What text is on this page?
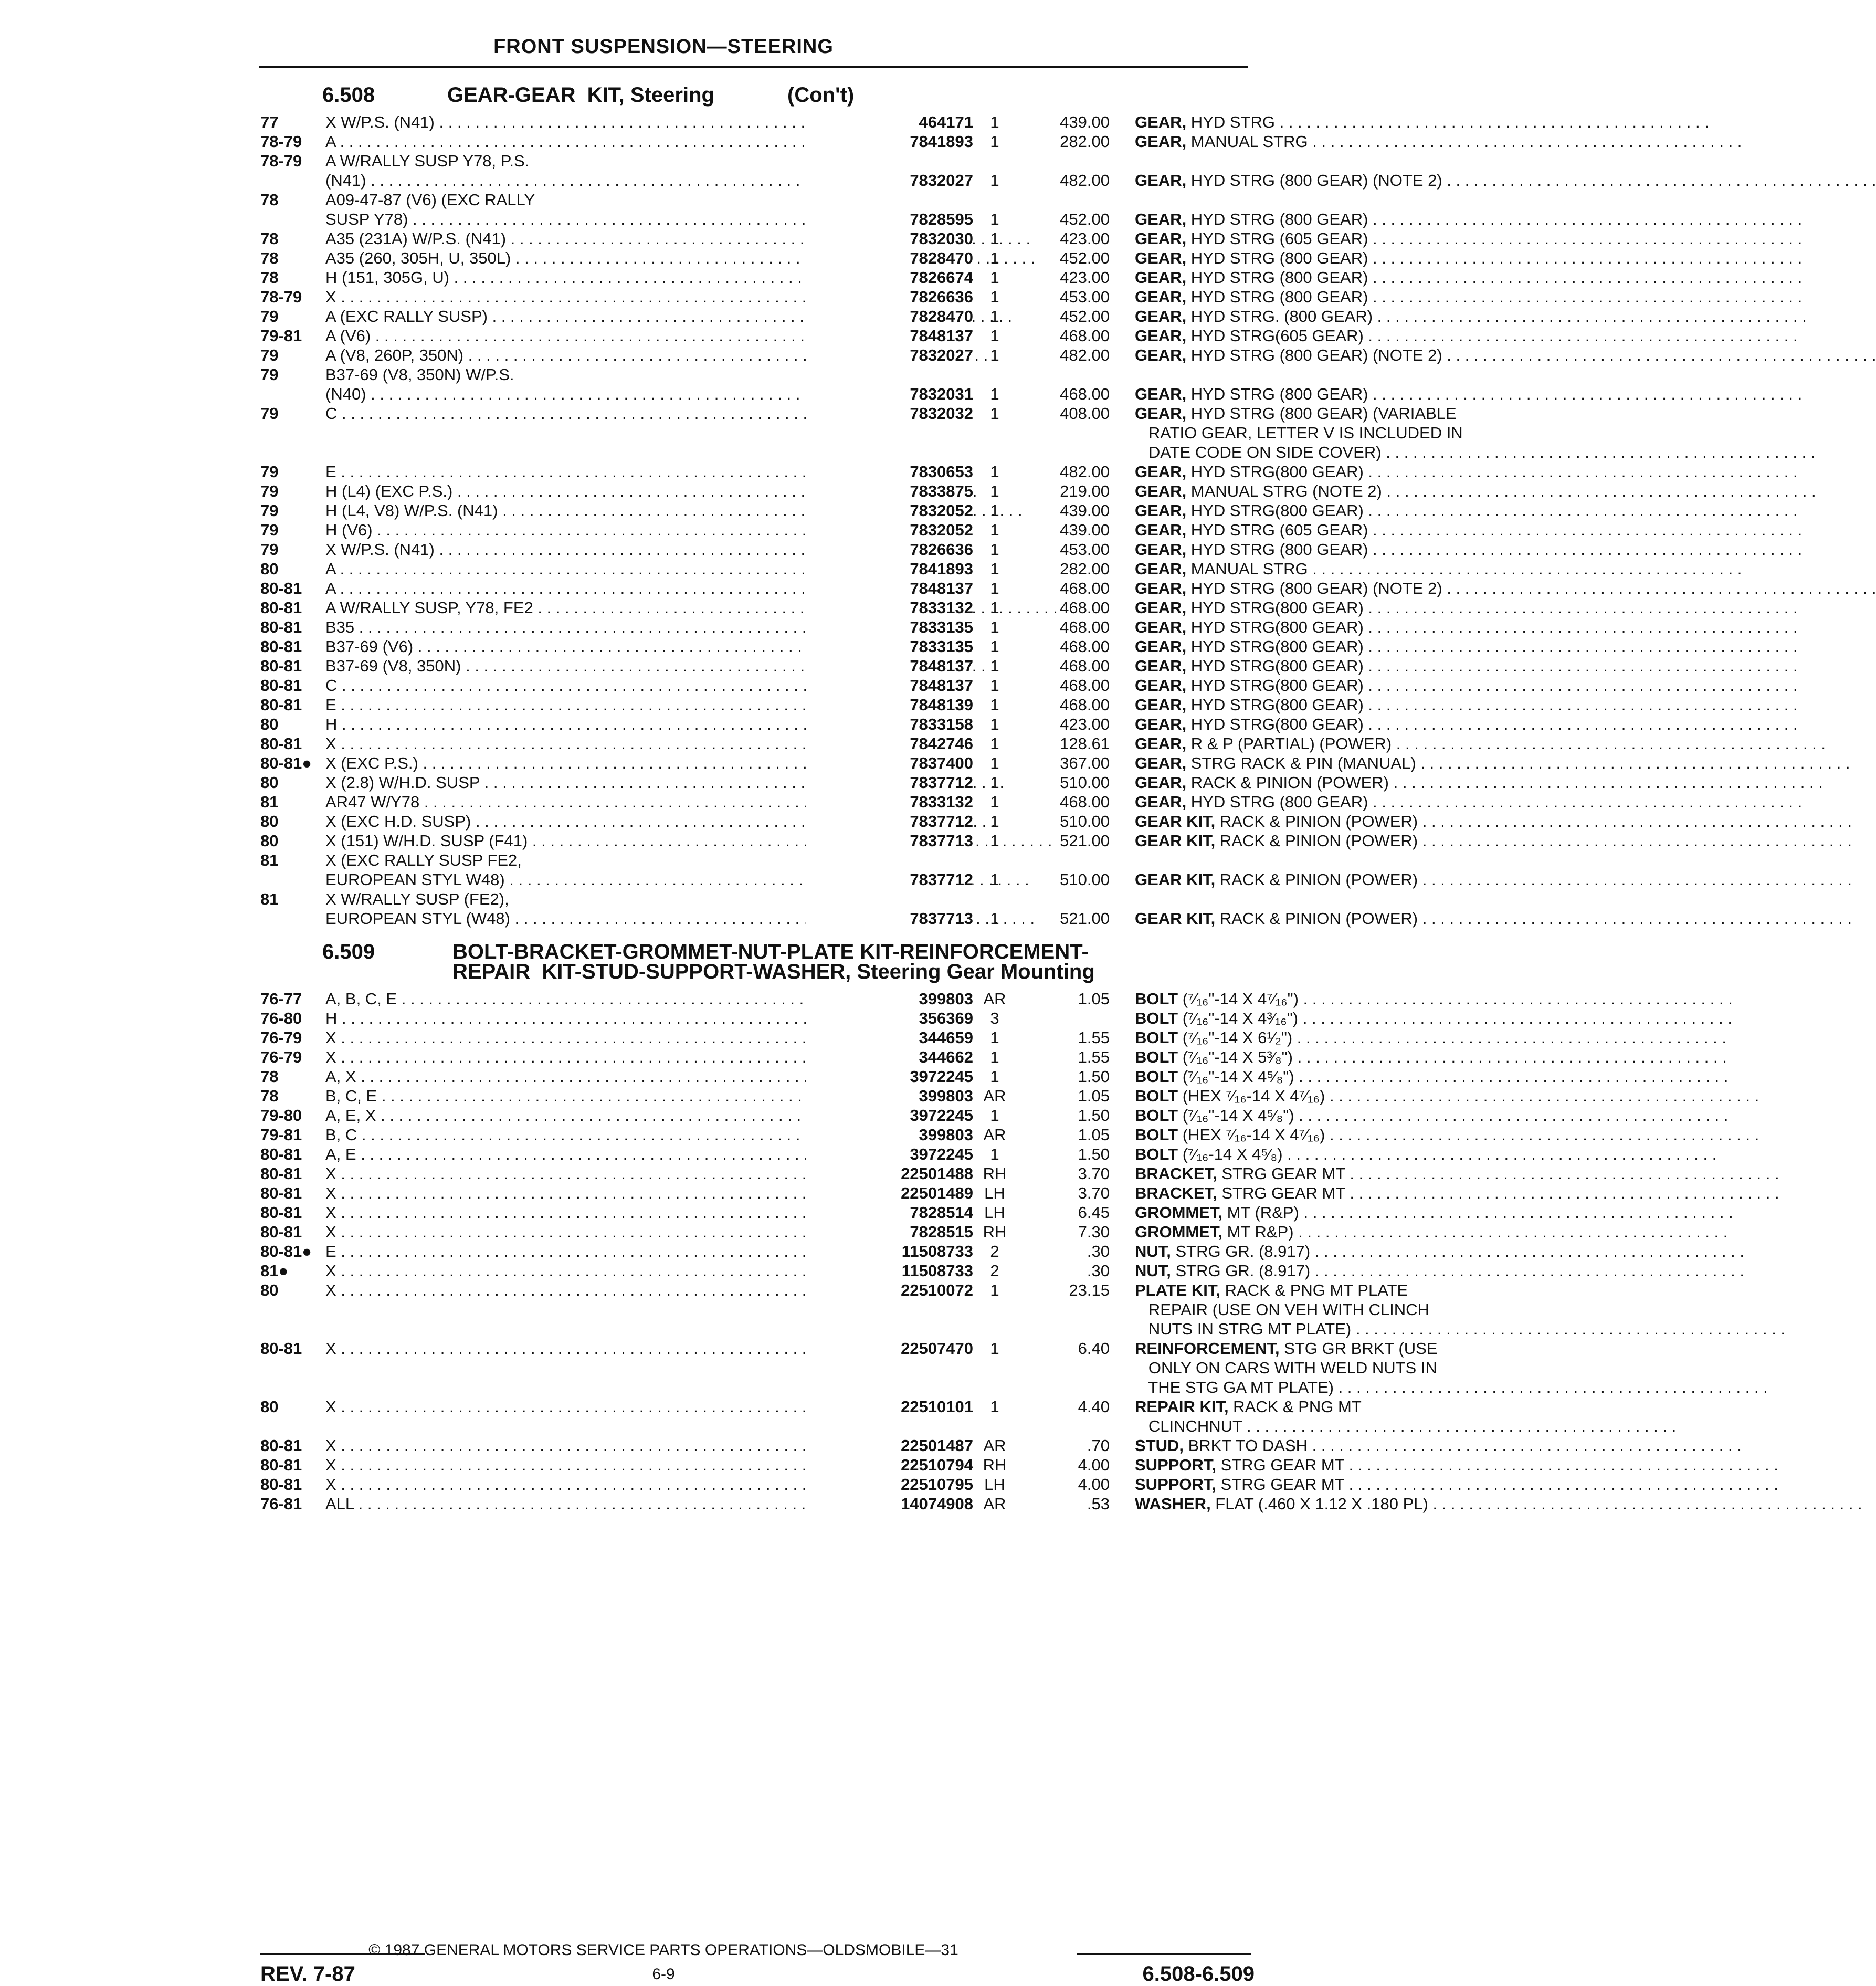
FRONT SUSPENSION—STEERING
6.508	GEAR-GEAR  KIT, Steering	(Con't)
77	X W/P.S. (N41) . . .	464171	1	439.00 GEAR, HYD STRG . . .
78-79 A . . .	7841893	1	282.00 GEAR, MANUAL STRG . . .
78-79 A W/RALLY SUSP Y78, P.S.
(N41) . . .	7832027	1	482.00 GEAR, HYD STRG (800 GEAR) (NOTE 2) . . .
78	A09-47-87 (V6) (EXC RALLY
SUSP Y78) . . .	7828595	1	452.00 GEAR, HYD STRG (800 GEAR) . . .
78	A35 (231A) W/P.S. (N41) . . .	7832030	1	423.00 GEAR, HYD STRG (605 GEAR) . . .
78	A35 (260, 305H, U, 350L) . . .	7828470	1	452.00 GEAR, HYD STRG (800 GEAR) . . .
78	H (151, 305G, U) . . .	7826674	1	423.00 GEAR, HYD STRG (800 GEAR) . . .
78-79 X . . .	7826636	1	453.00 GEAR, HYD STRG (800 GEAR) . . .
79	A (EXC RALLY SUSP) . . .	7828470	1	452.00 GEAR, HYD STRG. (800 GEAR) . . .
79-81 A (V6) . . .	7848137	1	468.00 GEAR, HYD STRG(605 GEAR) . . .
79	A (V8, 260P, 350N) . . .	7832027	1	482.00 GEAR, HYD STRG (800 GEAR) (NOTE 2) . . .
79	B37-69 (V8, 350N) W/P.S.
(N40) . . .	7832031	1	468.00 GEAR, HYD STRG (800 GEAR) . . .
79	C . . .	7832032	1	408.00 GEAR, HYD STRG (800 GEAR) (VARIABLE
RATIO GEAR, LETTER V IS INCLUDED IN
DATE CODE ON SIDE COVER) . . .
79	E . . .	7830653	1	482.00 GEAR, HYD STRG(800 GEAR) . . .
79	H (L4) (EXC P.S.) . . .	7833875	1	219.00 GEAR, MANUAL STRG (NOTE 2) . . .
79	H (L4, V8) W/P.S. (N41) . . .	7832052	1	439.00 GEAR, HYD STRG(800 GEAR) . . .
79	H (V6) . . .	7832052	1	439.00 GEAR, HYD STRG (605 GEAR) . . .
79	X W/P.S. (N41) . . .	7826636	1	453.00 GEAR, HYD STRG (800 GEAR) . . .
80	A . . .	7841893	1	282.00 GEAR, MANUAL STRG . . .
80-81 A . . .	7848137	1	468.00 GEAR, HYD STRG (800 GEAR) (NOTE 2) . . .
80-81 A W/RALLY SUSP, Y78, FE2 . . .	7833132	1	468.00 GEAR, HYD STRG(800 GEAR) . . .
80-81 B35 . . .	7833135	1	468.00 GEAR, HYD STRG(800 GEAR) . . .
80-81 B37-69 (V6) . . .	7833135	1	468.00 GEAR, HYD STRG(800 GEAR) . . .
80-81 B37-69 (V8, 350N) . . .	7848137	1	468.00 GEAR, HYD STRG(800 GEAR) . . .
80-81 C . . .	7848137	1	468.00 GEAR, HYD STRG(800 GEAR) . . .
80-81 E . . .	7848139	1	468.00 GEAR, HYD STRG(800 GEAR) . . .
80	H . . .	7833158	1	423.00 GEAR, HYD STRG(800 GEAR) . . .
80-81 X . . .	7842746	1	128.61 GEAR, R & P (PARTIAL) (POWER) . . .
80-81● X (EXC P.S.) . . .	7837400	1	367.00 GEAR, STRG RACK & PIN (MANUAL) . . .
80	X (2.8) W/H.D. SUSP . . .	7837712	1	510.00 GEAR, RACK & PINION (POWER) . . .
81	AR47 W/Y78 . . .	7833132	1	468.00 GEAR, HYD STRG (800 GEAR) . . .
80	X (EXC H.D. SUSP) . . .	7837712	1	510.00 GEAR KIT, RACK & PINION (POWER) . . .
80	X (151) W/H.D. SUSP (F41) . . .	7837713	1	521.00 GEAR KIT, RACK & PINION (POWER) . . .
81	X (EXC RALLY SUSP FE2,
EUROPEAN STYL W48) . . .	7837712	1	510.00 GEAR KIT, RACK & PINION (POWER) . . .
81	X W/RALLY SUSP (FE2),
EUROPEAN STYL (W48) . . .	7837713	1	521.00 GEAR KIT, RACK & PINION (POWER) . . .
6.509	BOLT-BRACKET-GROMMET-NUT-PLATE KIT-REINFORCEMENT-
REPAIR  KIT-STUD-SUPPORT-WASHER, Steering Gear Mounting
76-77 A, B, C, E . . .	399803 AR	1.05 BOLT (⁷⁄₁₆"-14 X 4⁷⁄₁₆") . . .
76-80 H . . .	356369	3	BOLT (⁷⁄₁₆"-14 X 4³⁄₁₆") . . .
76-79 X . . .	344659	1	1.55 BOLT (⁷⁄₁₆"-14 X 6¹⁄₂") . . .
76-79 X . . .	344662	1	1.55 BOLT (⁷⁄₁₆"-14 X 5³⁄₈") . . .
78	A, X . . .	3972245	1	1.50 BOLT (⁷⁄₁₆"-14 X 4⁵⁄₈") . . .
78	B, C, E . . .	399803 AR	1.05 BOLT (HEX ⁷⁄₁₆-14 X 4⁷⁄₁₆) . . .
79-80 A, E, X . . .	3972245	1	1.50 BOLT (⁷⁄₁₆"-14 X 4⁵⁄₈") . . .
79-81 B, C . . .	399803 AR	1.05 BOLT (HEX ⁷⁄₁₆-14 X 4⁷⁄₁₆) . . .
80-81 A, E . . .	3972245	1	1.50 BOLT (⁷⁄₁₆-14 X 4⁵⁄₈) . . .
80-81 X . . .	22501488 RH	3.70 BRACKET, STRG GEAR MT . . .
80-81 X . . .	22501489 LH	3.70 BRACKET, STRG GEAR MT . . .
80-81 X . . .	7828514 LH	6.45 GROMMET, MT (R&P) . . .
80-81 X . . .	7828515 RH	7.30 GROMMET, MT R&P) . . .
80-81● E . . .	11508733	2	.30 NUT, STRG GR. (8.917) . . .
81● X . . .	11508733	2	.30 NUT, STRG GR. (8.917) . . .
80	X . . .	22510072	1	23.15 PLATE KIT, RACK & PNG MT PLATE
REPAIR (USE ON VEH WITH CLINCH
NUTS IN STRG MT PLATE) . . .
80-81 X . . .	22507470	1	6.40 REINFORCEMENT, STG GR BRKT (USE
ONLY ON CARS WITH WELD NUTS IN
THE STG GA MT PLATE) . . .
80	X . . .	22510101	1	4.40 REPAIR KIT, RACK & PNG MT
CLINCHNUT . . .
80-81 X . . .	22501487 AR	.70 STUD, BRKT TO DASH . . .
80-81 X . . .	22510794 RH	4.00 SUPPORT, STRG GEAR MT . . .
80-81 X . . .	22510795 LH	4.00 SUPPORT, STRG GEAR MT . . .
76-81 ALL . . .	14074908 AR	.53 WASHER, FLAT (.460 X 1.12 X .180 PL) . . .
© 1987 GENERAL MOTORS SERVICE PARTS OPERATIONS—OLDSMOBILE—31
REV. 7-87	6-9	6.508-6.509
